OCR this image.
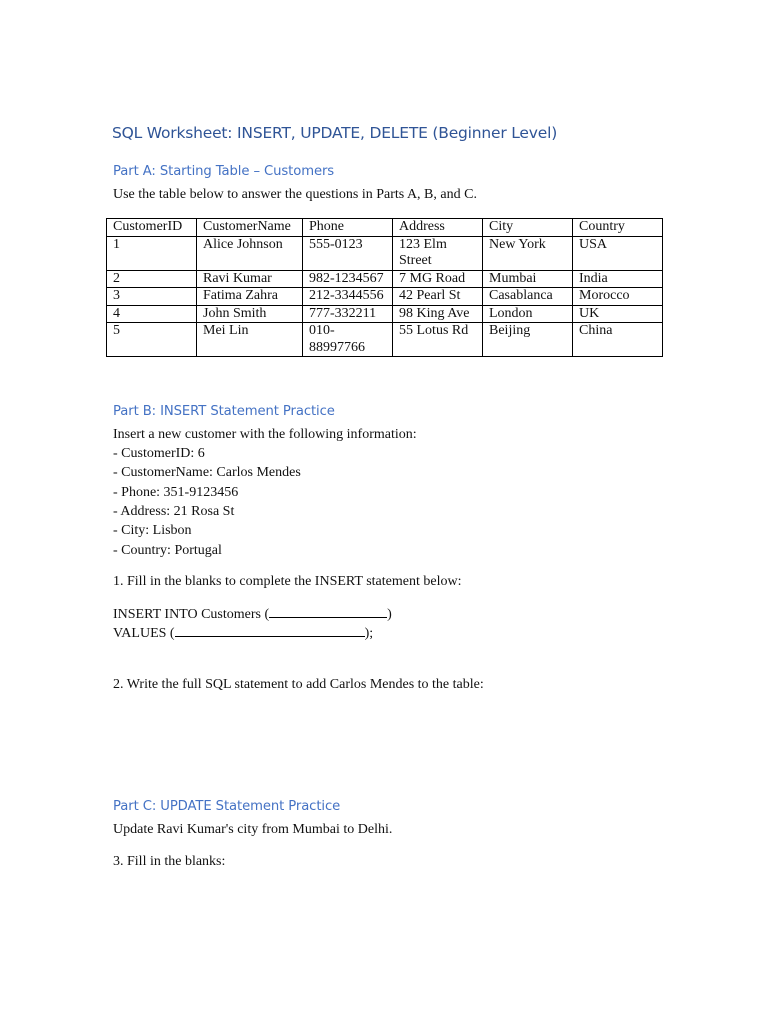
SQL Worksheet: INSERT, UPDATE, DELETE (Beginner Level)
Part A: Starting Table – Customers
Use the table below to answer the questions in Parts A, B, and C.
CustomerID	CustomerName	Phone	Address	City	Country
1	Alice Johnson	555-0123	123 Elm Street	New York	USA
2	Ravi Kumar	982-1234567	7 MG Road	Mumbai	India
3	Fatima Zahra	212-3344556	42 Pearl St	Casablanca	Morocco
4	John Smith	777-332211	98 King Ave	London	UK
5	Mei Lin	010-88997766	55 Lotus Rd	Beijing	China
Part B: INSERT Statement Practice
Insert a new customer with the following information:
- CustomerID: 6
- CustomerName: Carlos Mendes
- Phone: 351-9123456
- Address: 21 Rosa St
- City: Lisbon
- Country: Portugal
1. Fill in the blanks to complete the INSERT statement below:
INSERT INTO Customers (	)
VALUES (	);
2. Write the full SQL statement to add Carlos Mendes to the table:
Part C: UPDATE Statement Practice
Update Ravi Kumar's city from Mumbai to Delhi.
3. Fill in the blanks:
